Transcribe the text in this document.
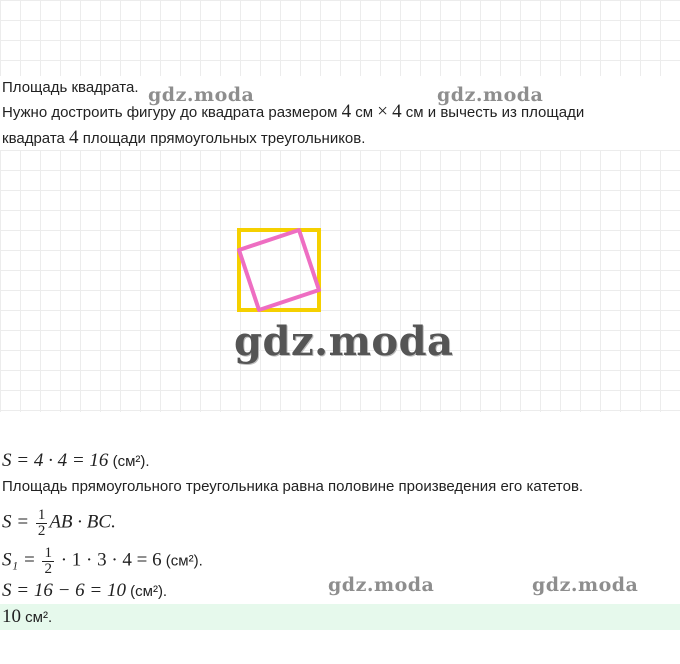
Площадь квадрата.

Нужно достроить фигуру до квадрата размером 4 см × 4 см и вычесть из площади

квадрата 4 площади прямоугольных треугольников.

S = 4 · 4 = 16 (см²).

Площадь прямоугольного треугольника равна половине произведения его катетов.

$S = \frac{1}{2}$ AB · BC.

$S_1 = \frac{1}{2} \cdot 1 \cdot 3 \cdot 4 = 6$ (см²).

S = 16 − 6 = 10 (см²).

10 см².

gdz.moda	gdz.moda
gdz.moda
gdz.moda	gdz.moda
